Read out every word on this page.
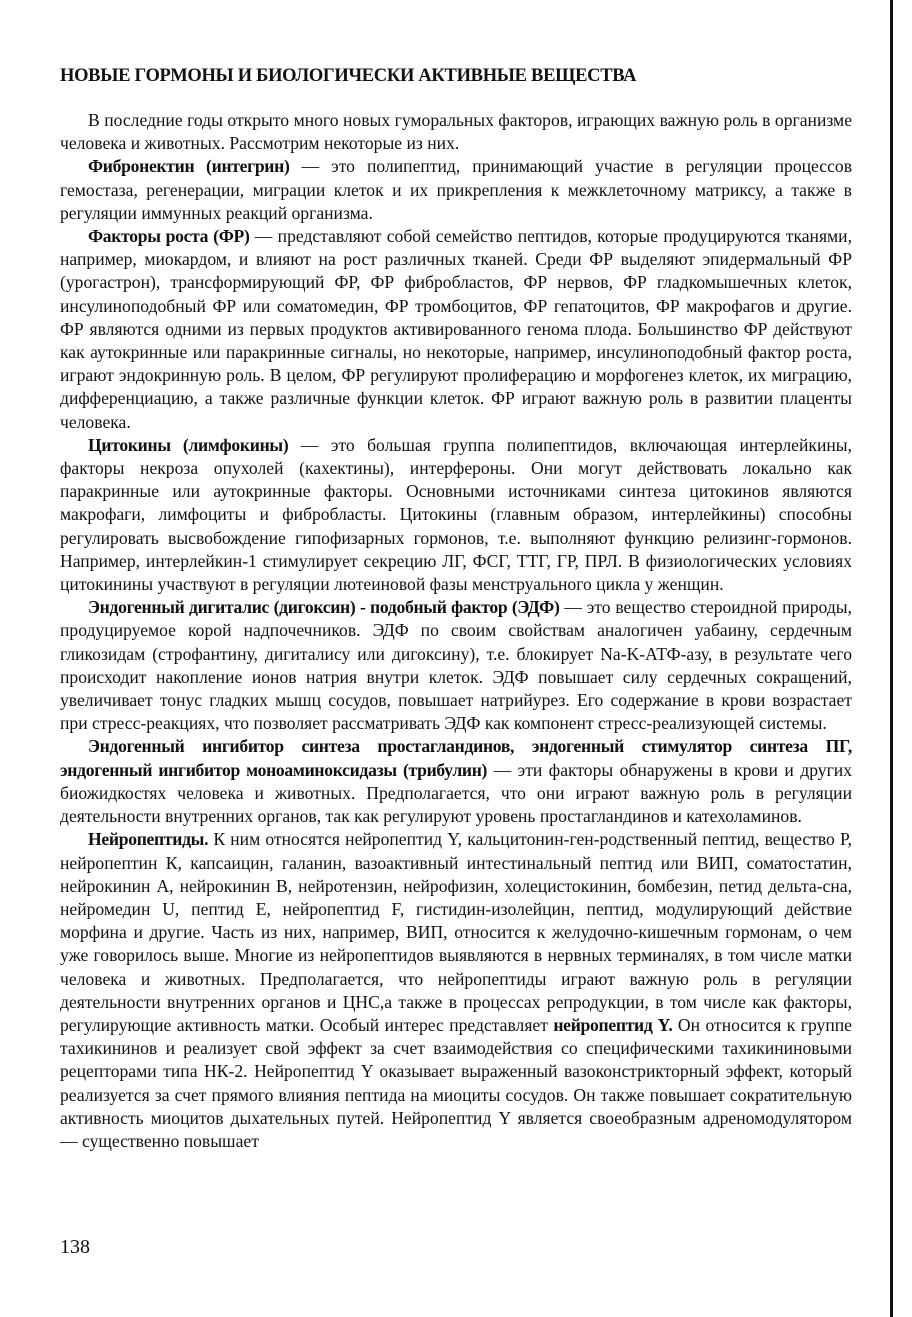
НОВЫЕ ГОРМОНЫ И БИОЛОГИЧЕСКИ АКТИВНЫЕ ВЕЩЕСТВА

В последние годы открыто много новых гуморальных факторов, играющих важную роль в организме человека и животных. Рассмотрим некоторые из них.

Фибронектин (интегрин) — это полипептид, принимающий участие в регуляции процессов гемостаза, регенерации, миграции клеток и их прикрепления к межклеточному матриксу, а также в регуляции иммунных реакций организма.

Факторы роста (ФР) — представляют собой семейство пептидов, которые продуцируются тканями, например, миокардом, и влияют на рост различных тканей. Среди ФР выделяют эпидермальный ФР (урогастрон), трансформирующий ФР, ФР фибробластов, ФР нервов, ФР гладкомышечных клеток, инсулиноподобный ФР или соматомедин, ФР тромбоцитов, ФР гепатоцитов, ФР макрофагов и другие. ФР являются одними из первых продуктов активированного генома плода. Большинство ФР действуют как аутокринные или паракринные сигналы, но некоторые, например, инсулиноподобный фактор роста, играют эндокринную роль. В целом, ФР регулируют пролиферацию и морфогенез клеток, их миграцию, дифференциацию, а также различные функции клеток. ФР играют важную роль в развитии плаценты человека.

Цитокины (лимфокины) — это большая группа полипептидов, включающая интерлейкины, факторы некроза опухолей (кахектины), интерфероны. Они могут действовать локально как паракринные или аутокринные факторы. Основными источниками синтеза цитокинов являются макрофаги, лимфоциты и фибробласты. Цитокины (главным образом, интерлейкины) способны регулировать высвобождение гипофизарных гормонов, т.е. выполняют функцию релизинг-гормонов. Например, интерлейкин-1 стимулирует секрецию ЛГ, ФСГ, ТТГ, ГР, ПРЛ. В физиологических условиях цитокинины участвуют в регуляции лютеиновой фазы менструального цикла у женщин.

Эндогенный дигиталис (дигоксин) - подобный фактор (ЭДФ) — это вещество стероидной природы, продуцируемое корой надпочечников. ЭДФ по своим свойствам аналогичен уабаину, сердечным гликозидам (строфантину, дигиталису или дигоксину), т.е. блокирует Na-K-АТФ-азу, в результате чего происходит накопление ионов натрия внутри клеток. ЭДФ повышает силу сердечных сокращений, увеличивает тонус гладких мышц сосудов, повышает натрийурез. Его содержание в крови возрастает при стресс-реакциях, что позволяет рассматривать ЭДФ как компонент стресс-реализующей системы.

Эндогенный ингибитор синтеза простагландинов, эндогенный стимулятор синтеза ПГ, эндогенный ингибитор моноаминоксидазы (трибулин) — эти факторы обнаружены в крови и других биожидкостях человека и животных. Предполагается, что они играют важную роль в регуляции деятельности внутренних органов, так как регулируют уровень простагландинов и катехоламинов.

Нейропептиды. К ним относятся нейропептид Y, кальцитонин-ген-родственный пептид, вещество Р, нейропептин К, капсаицин, галанин, вазоактивный интестинальный пептид или ВИП, соматостатин, нейрокинин А, нейрокинин В, нейротензин, нейрофизин, холецистокинин, бомбезин, петид дельта-сна, нейромедин U, пептид Е, нейропептид F, гистидин-изолейцин, пептид, модулирующий действие морфина и другие. Часть из них, например, ВИП, относится к желудочно-кишечным гормонам, о чем уже говорилось выше. Многие из нейропептидов выявляются в нервных терминалях, в том числе матки человека и животных. Предполагается, что нейропептиды играют важную роль в регуляции деятельности внутренних органов и ЦНС,а также в процессах репродукции, в том числе как факторы, регулирующие активность матки. Особый интерес представляет нейропептид Y. Он относится к группе тахикининов и реализует свой эффект за счет взаимодействия со специфическими тахикининовыми рецепторами типа НК-2. Нейропептид Y оказывает выраженный вазоконстрикторный эффект, который реализуется за счет прямого влияния пептида на миоциты сосудов. Он также повышает сократительную активность миоцитов дыхательных путей. Нейропептид Y является своеобразным адреномодулятором — существенно повышает

138
